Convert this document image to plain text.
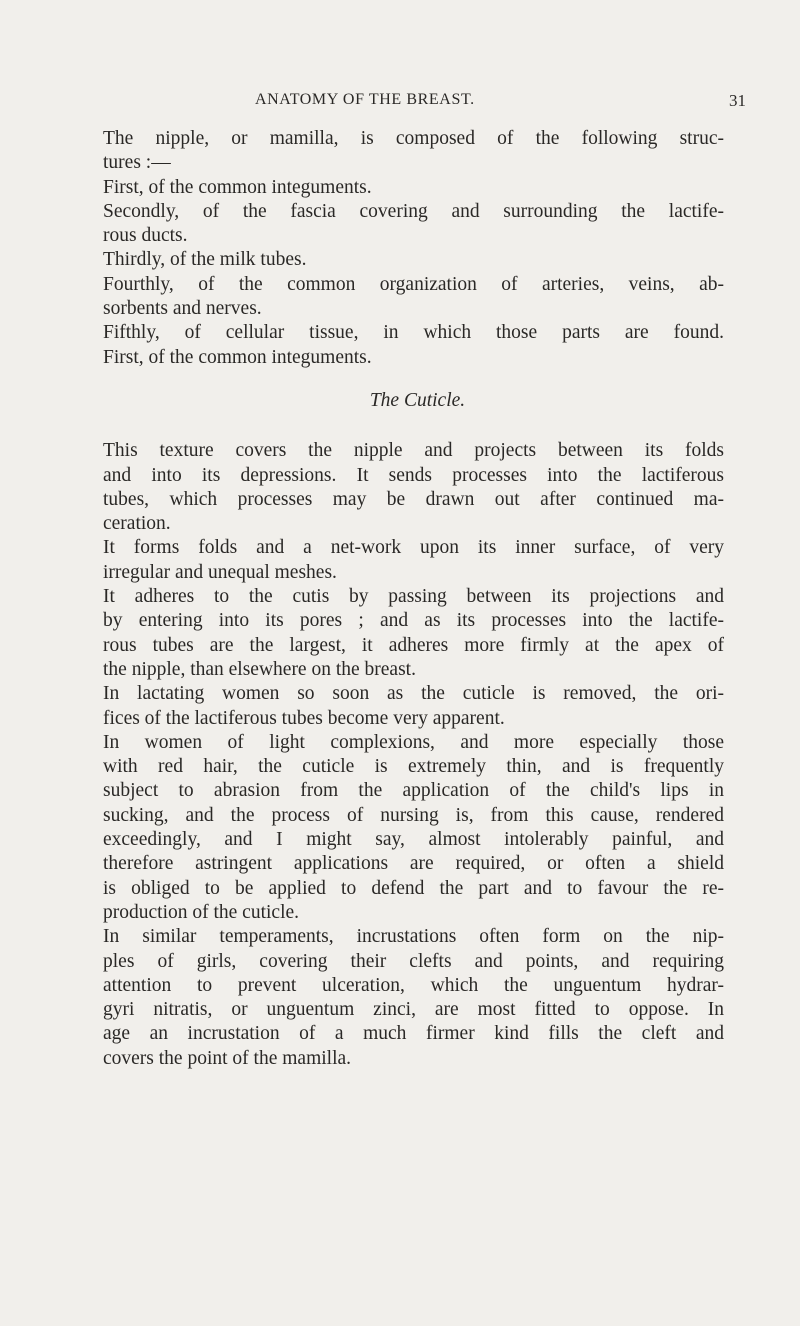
ANATOMY OF THE BREAST.	31
The nipple, or mamilla, is composed of the following struc-
tures :—
First, of the common integuments.
Secondly, of the fascia covering and surrounding the lactife-
rous ducts.
Thirdly, of the milk tubes.
Fourthly, of the common organization of arteries, veins, ab-
sorbents and nerves.
Fifthly, of cellular tissue, in which those parts are found.
First, of the common integuments.
The Cuticle.
This texture covers the nipple and projects between its folds
and into its depressions. It sends processes into the lactiferous
tubes, which processes may be drawn out after continued ma-
ceration.
It forms folds and a net-work upon its inner surface, of very
irregular and unequal meshes.
It adheres to the cutis by passing between its projections and
by entering into its pores ; and as its processes into the lactife-
rous tubes are the largest, it adheres more firmly at the apex of
the nipple, than elsewhere on the breast.
In lactating women so soon as the cuticle is removed, the ori-
fices of the lactiferous tubes become very apparent.
In women of light complexions, and more especially those
with red hair, the cuticle is extremely thin, and is frequently
subject to abrasion from the application of the child's lips in
sucking, and the process of nursing is, from this cause, rendered
exceedingly, and I might say, almost intolerably painful, and
therefore astringent applications are required, or often a shield
is obliged to be applied to defend the part and to favour the re-
production of the cuticle.
In similar temperaments, incrustations often form on the nip-
ples of girls, covering their clefts and points, and requiring
attention to prevent ulceration, which the unguentum hydrar-
gyri nitratis, or unguentum zinci, are most fitted to oppose. In
age an incrustation of a much firmer kind fills the cleft and
covers the point of the mamilla.
